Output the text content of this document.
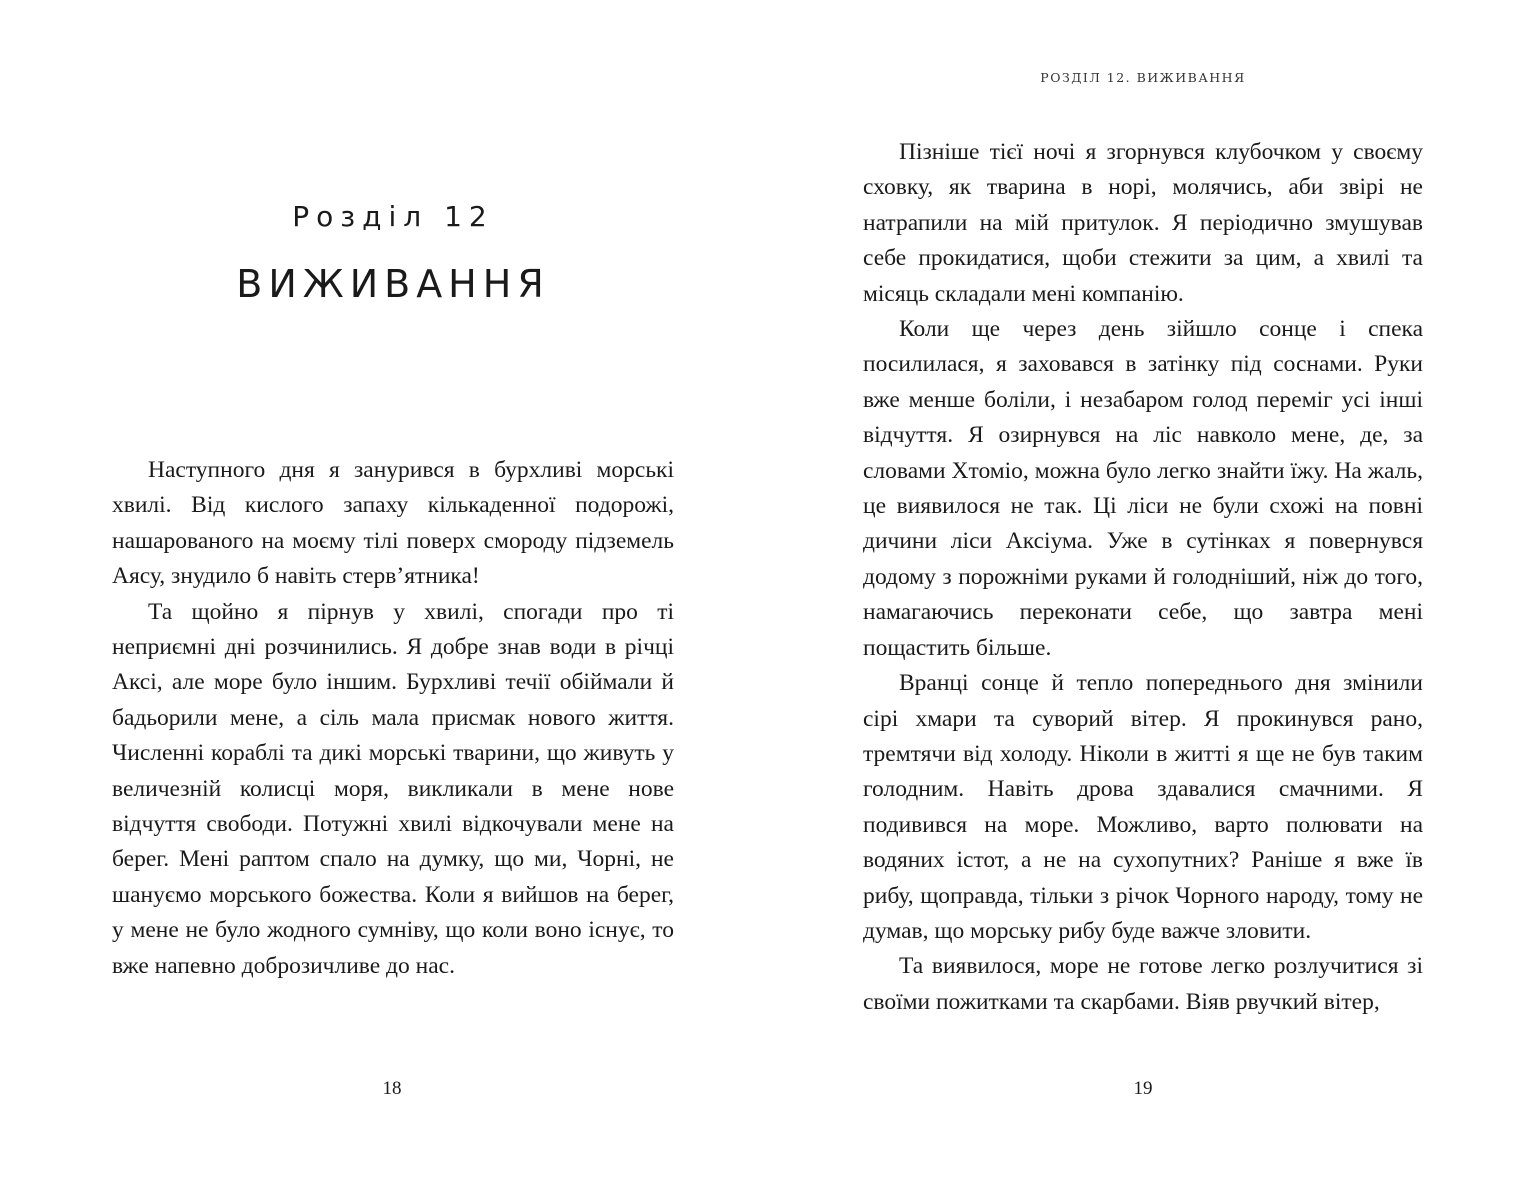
Розділ 12
ВИЖИВАННЯ

Наступного дня я занурився в бурхливі морські хвилі. Від кислого запаху кількаденної подорожі, нашарованого на моєму тілі поверх смороду підземель Аясу, знудило б навіть стерв’ятника!

Та щойно я пірнув у хвилі, спогади про ті неприємні дні розчинились. Я добре знав води в річці Аксі, але море було іншим. Бурхливі течії обіймали й бадьорили мене, а сіль мала присмак нового життя. Численні кораблі та дикі морські тварини, що живуть у величезній колисці моря, викликали в мене нове відчуття свободи. Потужні хвилі відкочували мене на берег. Мені раптом спало на думку, що ми, Чорні, не шануємо морського божества. Коли я вийшов на берег, у мене не було жодного сумніву, що коли воно існує, то вже напевно доброзичливе до нас.

18
РОЗДІЛ 12. ВИЖИВАННЯ

Пізніше тієї ночі я згорнувся клубочком у своєму сховку, як тварина в норі, молячись, аби звірі не натрапили на мій притулок. Я періодично змушував себе прокидатися, щоби стежити за цим, а хвилі та місяць складали мені компанію.

Коли ще через день зійшло сонце і спека посилилася, я заховався в затінку під соснами. Руки вже менше боліли, і незабаром голод переміг усі інші відчуття. Я озирнувся на ліс навколо мене, де, за словами Хтоміо, можна було легко знайти їжу. На жаль, це виявилося не так. Ці ліси не були схожі на повні дичини ліси Аксіума. Уже в сутінках я повернувся додому з порожніми руками й голодніший, ніж до того, намагаючись переконати себе, що завтра мені пощастить більше.

Вранці сонце й тепло попереднього дня змінили сірі хмари та суворий вітер. Я прокинувся рано, тремтячи від холоду. Ніколи в житті я ще не був таким голодним. Навіть дрова здавалися смачними. Я подивився на море. Можливо, варто полювати на водяних істот, а не на сухопутних? Раніше я вже їв рибу, щоправда, тільки з річок Чорного народу, тому не думав, що морську рибу буде важче зловити.

Та виявилося, море не готове легко розлучитися зі своїми пожитками та скарбами. Віяв рвучкий вітер,

19
